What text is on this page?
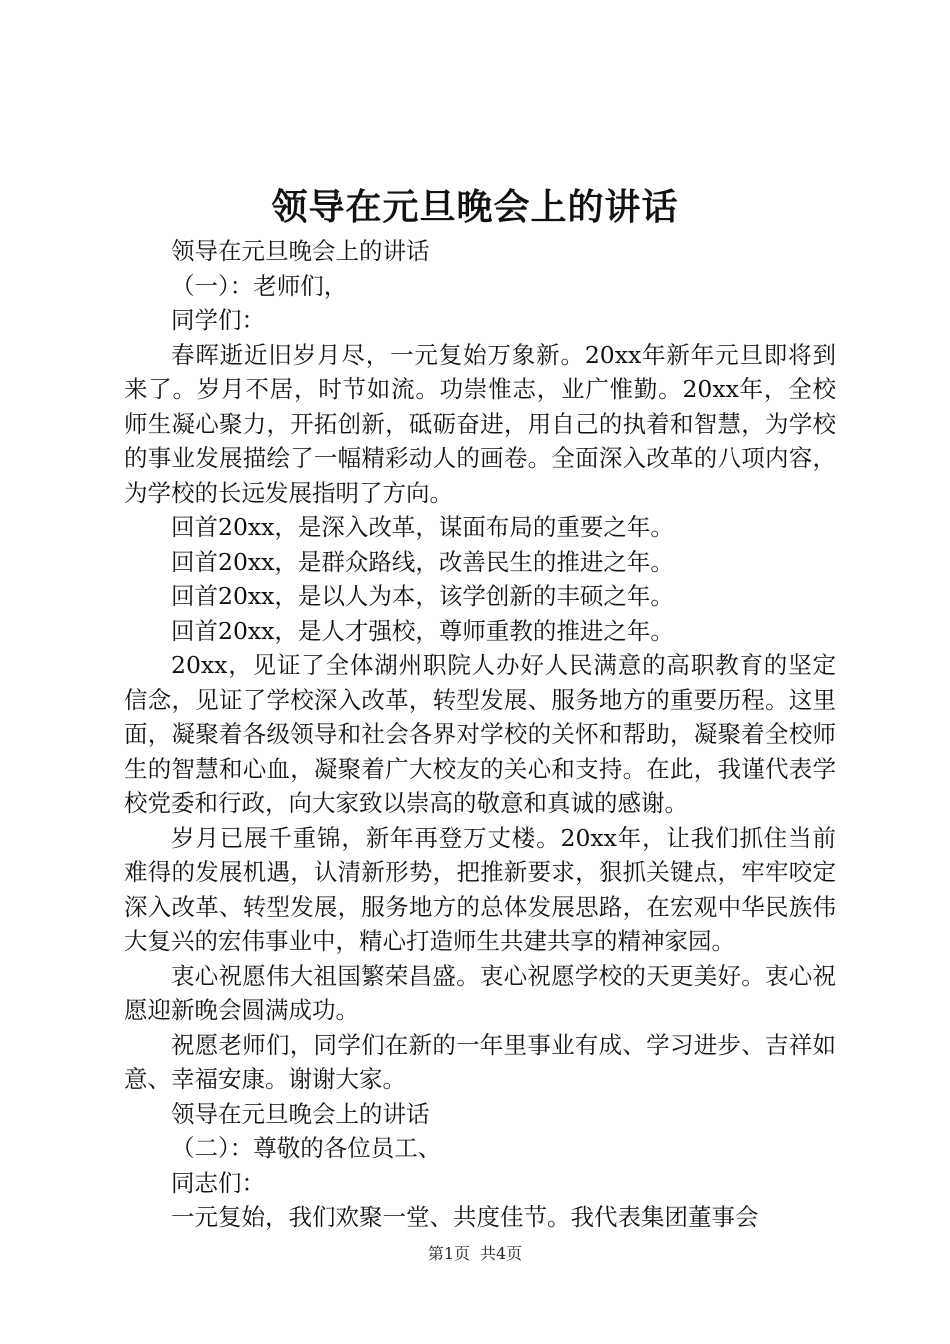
领导在元旦晚会上的讲话

领导在元旦晚会上的讲话

（一）：老师们，

同学们：

春晖逝近旧岁月尽，一元复始万象新。20xx年新年元旦即将到来了。岁月不居，时节如流。功崇惟志，业广惟勤。20xx年，全校师生凝心聚力，开拓创新，砥砺奋进，用自己的执着和智慧，为学校的事业发展描绘了一幅精彩动人的画卷。全面深入改革的八项内容，为学校的长远发展指明了方向。

回首20xx，是深入改革，谋面布局的重要之年。

回首20xx，是群众路线，改善民生的推进之年。

回首20xx，是以人为本，该学创新的丰硕之年。

回首20xx，是人才强校，尊师重教的推进之年。

20xx，见证了全体湖州职院人办好人民满意的高职教育的坚定信念，见证了学校深入改革，转型发展、服务地方的重要历程。这里面，凝聚着各级领导和社会各界对学校的关怀和帮助，凝聚着全校师生的智慧和心血，凝聚着广大校友的关心和支持。在此，我谨代表学校党委和行政，向大家致以崇高的敬意和真诚的感谢。

岁月已展千重锦，新年再登万丈楼。20xx年，让我们抓住当前难得的发展机遇，认清新形势，把推新要求，狠抓关键点，牢牢咬定深入改革、转型发展，服务地方的总体发展思路，在宏观中华民族伟大复兴的宏伟事业中，精心打造师生共建共享的精神家园。

衷心祝愿伟大祖国繁荣昌盛。衷心祝愿学校的天更美好。衷心祝愿迎新晚会圆满成功。

祝愿老师们，同学们在新的一年里事业有成、学习进步、吉祥如意、幸福安康。谢谢大家。

领导在元旦晚会上的讲话

（二）：尊敬的各位员工、

同志们：

一元复始，我们欢聚一堂、共度佳节。我代表集团董事会

第1页 共4页
